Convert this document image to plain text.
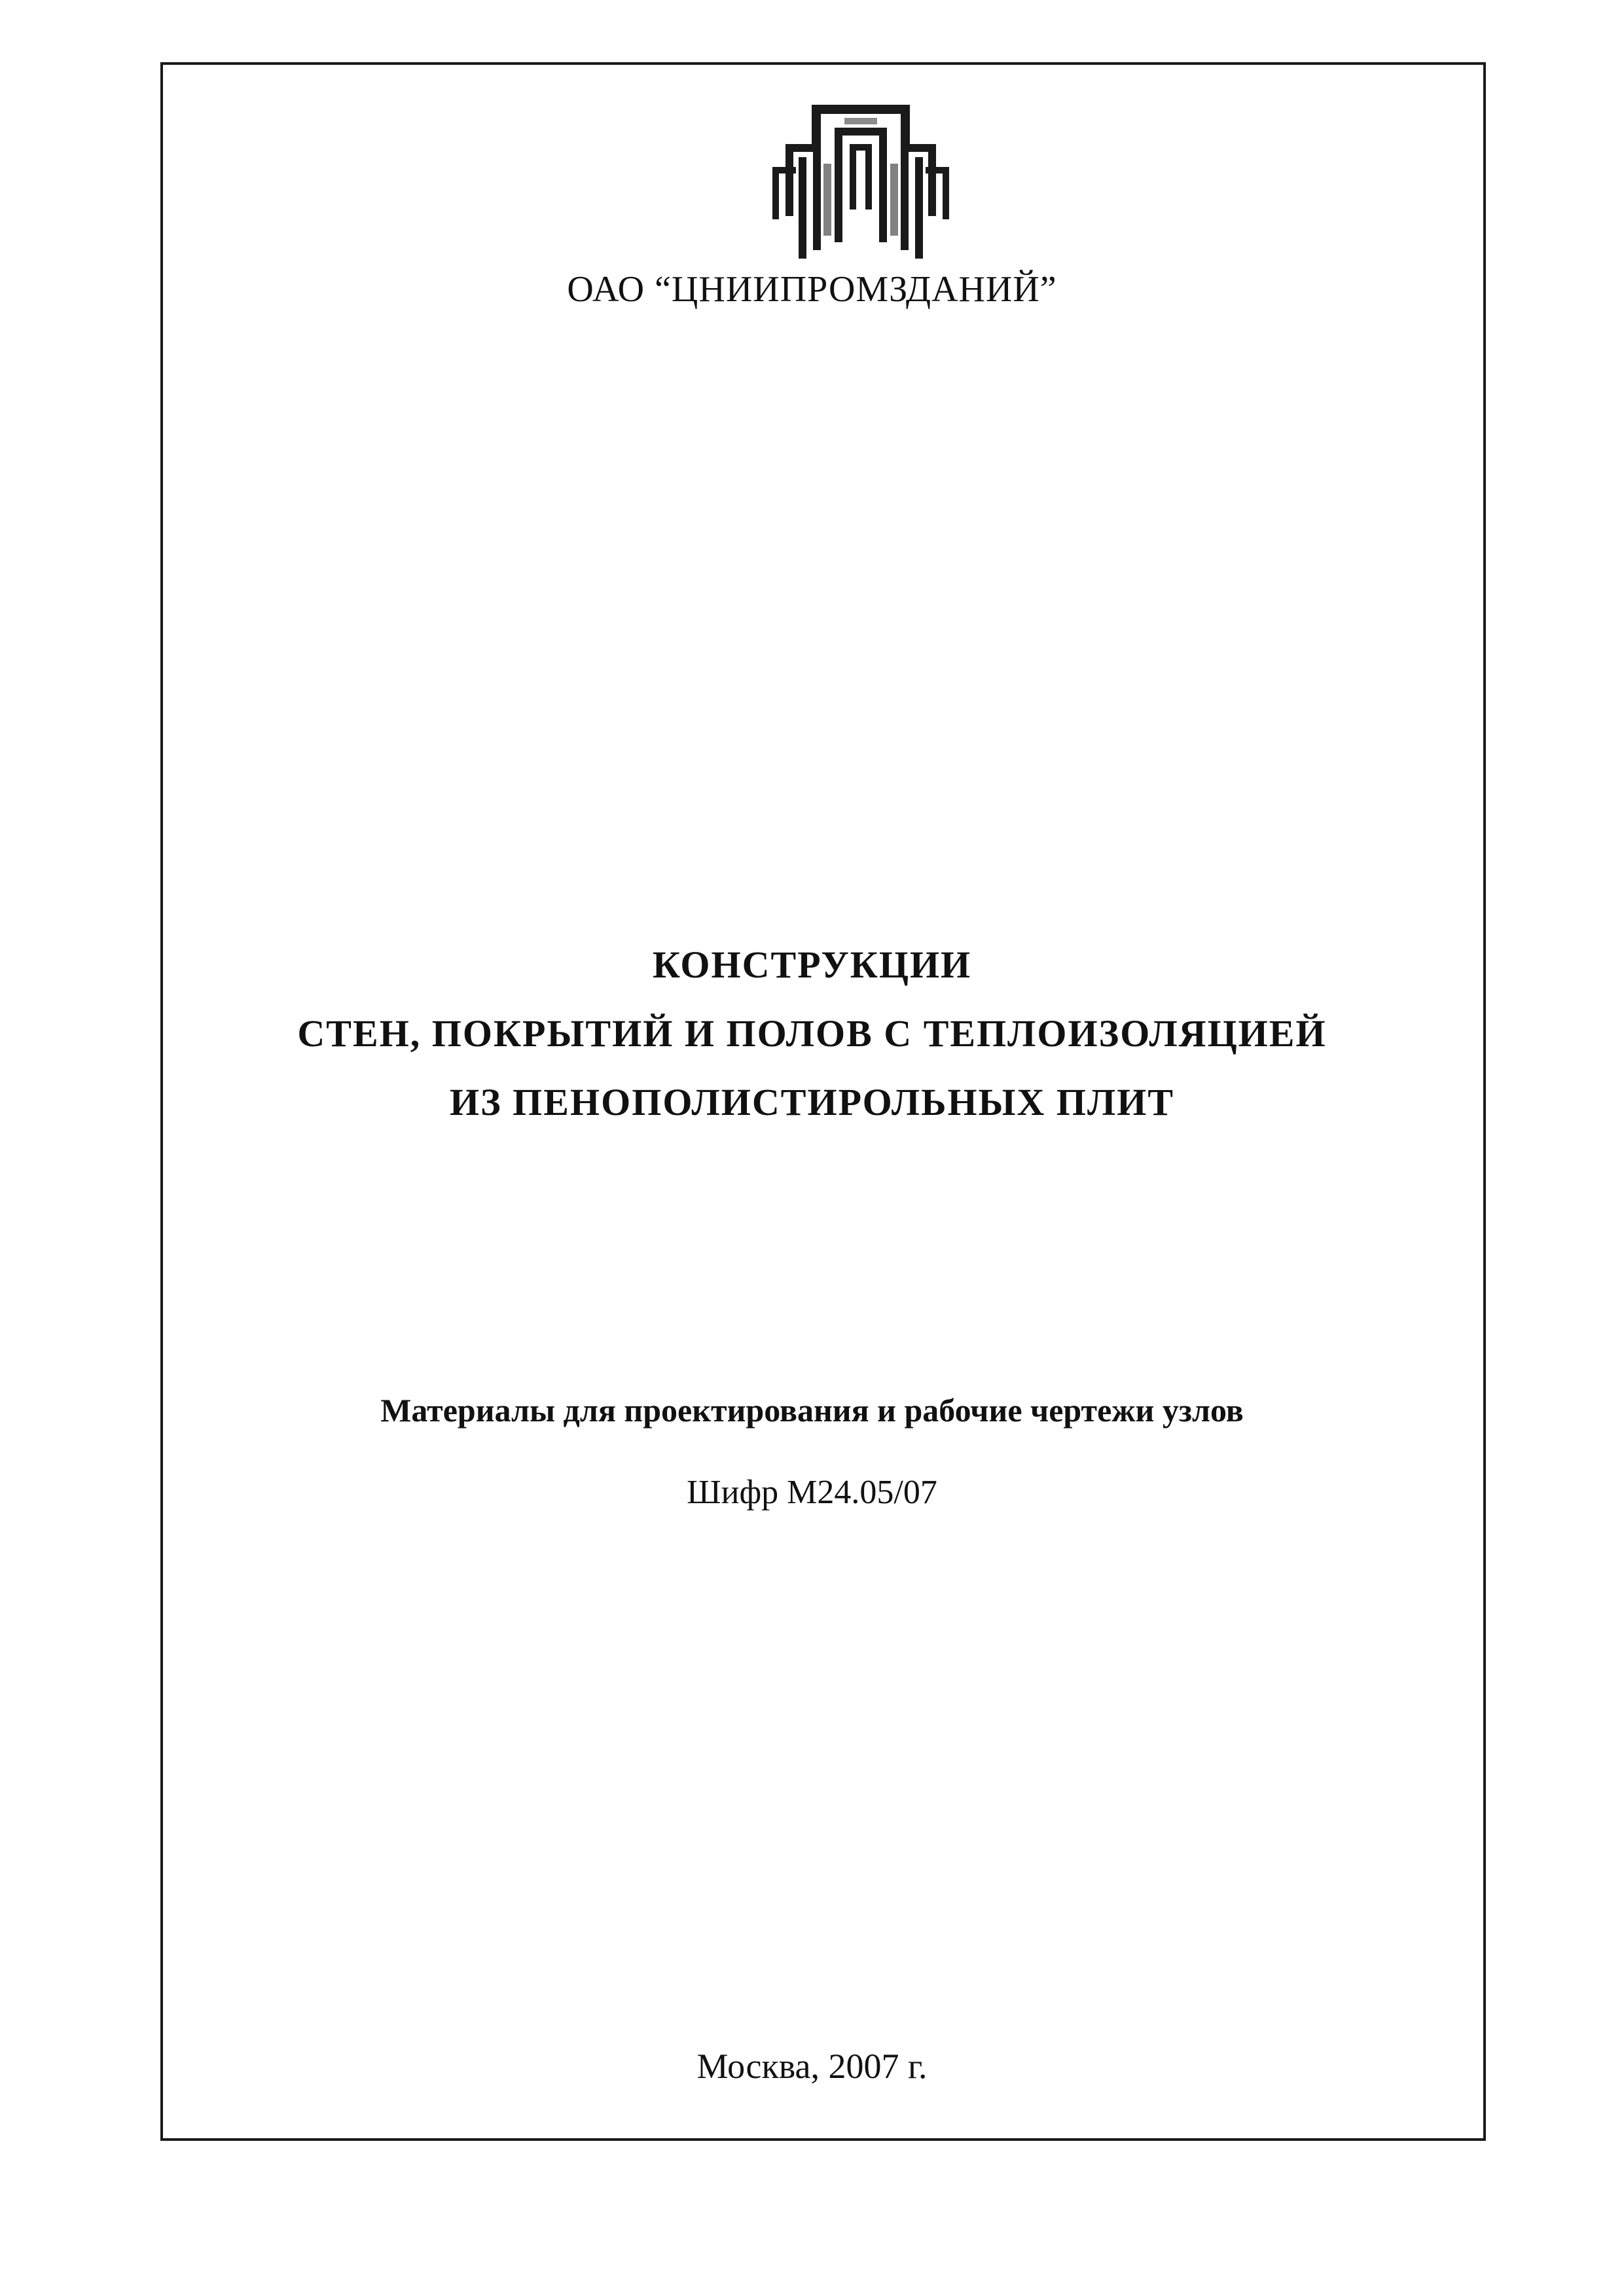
ОАО “ЦНИИПРОМЗДАНИЙ”
КОНСТРУКЦИИ
СТЕН, ПОКРЫТИЙ И ПОЛОВ С ТЕПЛОИЗОЛЯЦИЕЙ
ИЗ ПЕНОПОЛИСТИРОЛЬНЫХ ПЛИТ
Материалы для проектирования и рабочие чертежи узлов
Шифр М24.05/07
Москва, 2007 г.
